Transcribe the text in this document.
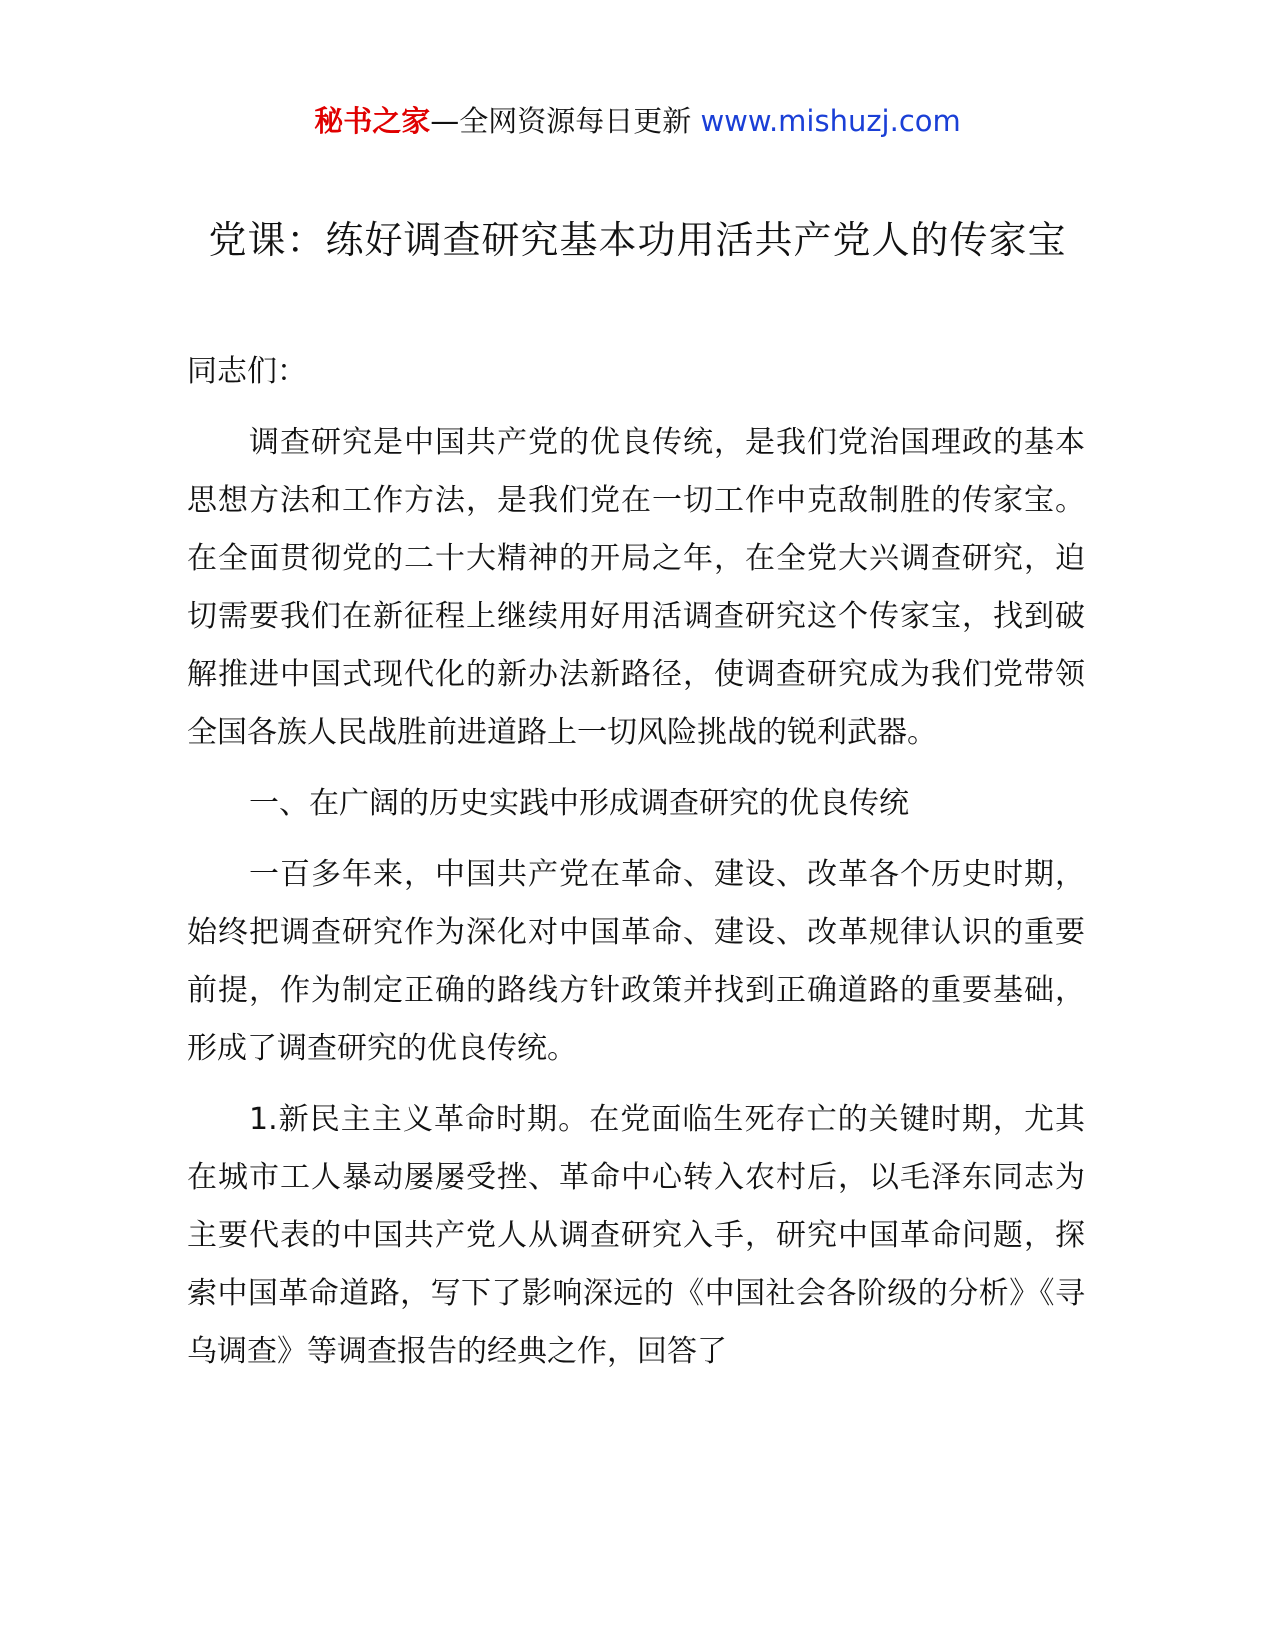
秘书之家—全网资源每日更新 www.mishuzj.com
党课：练好调查研究基本功用活共产党人的传家宝

同志们：

调查研究是中国共产党的优良传统，是我们党治国理政的基本思想方法和工作方法，是我们党在一切工作中克敌制胜的传家宝。在全面贯彻党的二十大精神的开局之年，在全党大兴调查研究，迫切需要我们在新征程上继续用好用活调查研究这个传家宝，找到破解推进中国式现代化的新办法新路径，使调查研究成为我们党带领全国各族人民战胜前进道路上一切风险挑战的锐利武器。

一、在广阔的历史实践中形成调查研究的优良传统

一百多年来，中国共产党在革命、建设、改革各个历史时期，始终把调查研究作为深化对中国革命、建设、改革规律认识的重要前提，作为制定正确的路线方针政策并找到正确道路的重要基础，形成了调查研究的优良传统。

1.新民主主义革命时期。在党面临生死存亡的关键时期，尤其在城市工人暴动屡屡受挫、革命中心转入农村后，以毛泽东同志为主要代表的中国共产党人从调查研究入手，研究中国革命问题，探索中国革命道路，写下了影响深远的《中国社会各阶级的分析》《寻乌调查》等调查报告的经典之作，回答了
